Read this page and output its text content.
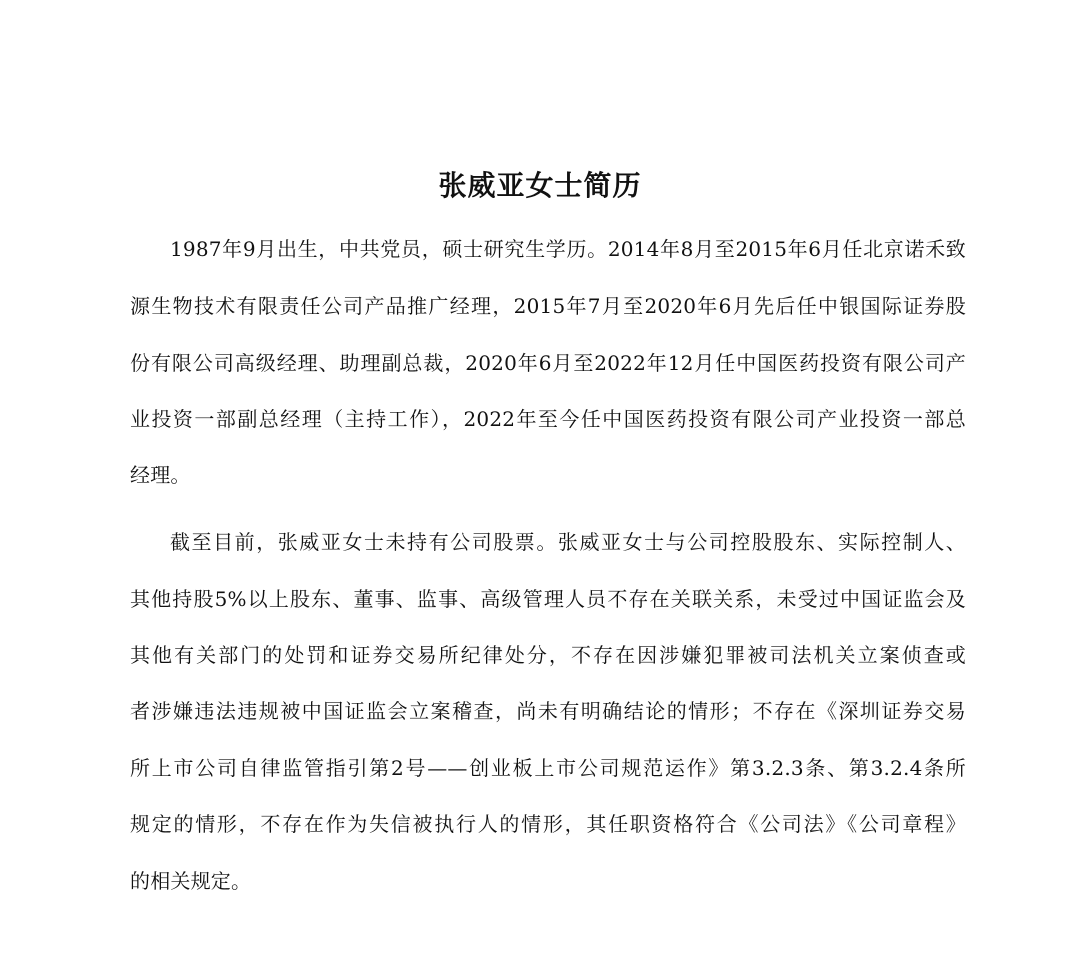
张威亚女士简历
1987年9月出生，中共党员，硕士研究生学历。2014年8月至2015年6月任北京诺禾致
源生物技术有限责任公司产品推广经理，2015年7月至2020年6月先后任中银国际证券股
份有限公司高级经理、助理副总裁，2020年6月至2022年12月任中国医药投资有限公司产
业投资一部副总经理（主持工作），2022年至今任中国医药投资有限公司产业投资一部总
经理。
截至目前，张威亚女士未持有公司股票。张威亚女士与公司控股股东、实际控制人、
其他持股5%以上股东、董事、监事、高级管理人员不存在关联关系，未受过中国证监会及
其他有关部门的处罚和证券交易所纪律处分，不存在因涉嫌犯罪被司法机关立案侦查或
者涉嫌违法违规被中国证监会立案稽查，尚未有明确结论的情形；不存在《深圳证券交易
所上市公司自律监管指引第2号——创业板上市公司规范运作》第3.2.3条、第3.2.4条所
规定的情形，不存在作为失信被执行人的情形，其任职资格符合《公司法》《公司章程》
的相关规定。
